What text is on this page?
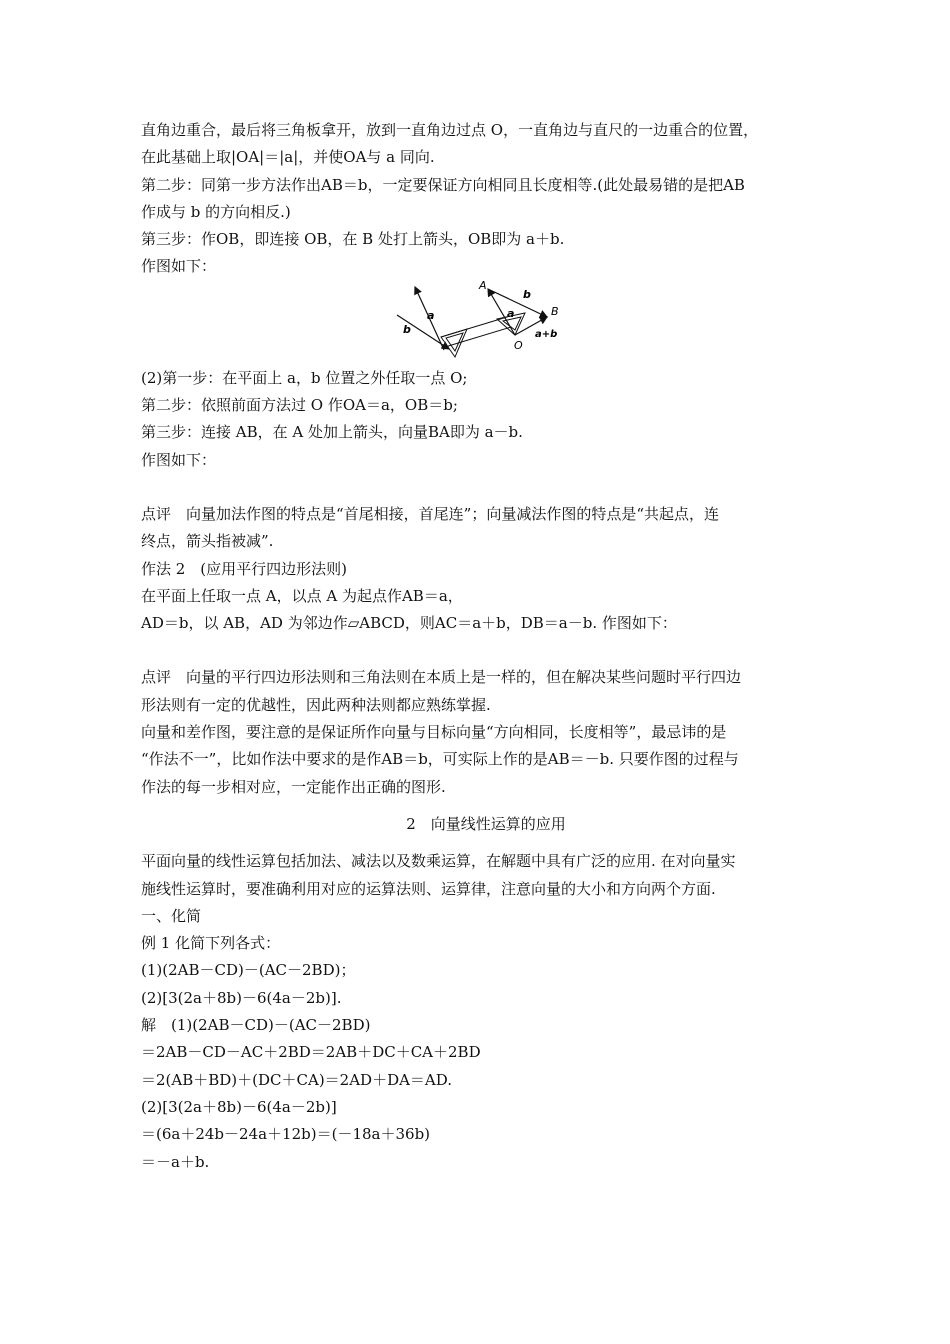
直角边重合，最后将三角板拿开，放到一直角边过点 O，一直角边与直尺的一边重合的位置，
在此基础上取|OA|＝|a|，并使OA与 a 同向.
第二步：同第一步方法作出AB＝b，一定要保证方向相同且长度相等.(此处最易错的是把AB
作成与 b 的方向相反.)
第三步：作OB，即连接 OB，在 B 处打上箭头，OB即为 a＋b.
作图如下：
A
b
a	a
b
B
O
a+b
(2)第一步：在平面上 a，b 位置之外任取一点 O;
第二步：依照前面方法过 O 作OA＝a，OB＝b;
第三步：连接 AB，在 A 处加上箭头，向量BA即为 a－b.
作图如下：
点评　向量加法作图的特点是“首尾相接，首尾连”；向量减法作图的特点是“共起点，连
终点，箭头指被减”.
作法 2　(应用平行四边形法则)
在平面上任取一点 A，以点 A 为起点作AB＝a，
AD＝b，以 AB，AD 为邻边作▱ABCD，则AC＝a＋b，DB＝a－b. 作图如下：
点评　向量的平行四边形法则和三角法则在本质上是一样的，但在解决某些问题时平行四边
形法则有一定的优越性，因此两种法则都应熟练掌握.
向量和差作图，要注意的是保证所作向量与目标向量“方向相同，长度相等”，最忌讳的是
“作法不一”，比如作法中要求的是作AB＝b，可实际上作的是AB＝－b. 只要作图的过程与
作法的每一步相对应，一定能作出正确的图形.
2　向量线性运算的应用
平面向量的线性运算包括加法、减法以及数乘运算，在解题中具有广泛的应用. 在对向量实
施线性运算时，要准确利用对应的运算法则、运算律，注意向量的大小和方向两个方面.
一、化简
例 1 化简下列各式：
(1)(2AB－CD)－(AC－2BD)；
(2)[3(2a＋8b)－6(4a－2b)].
解　(1)(2AB－CD)－(AC－2BD)
＝2AB－CD－AC＋2BD＝2AB＋DC＋CA＋2BD
＝2(AB＋BD)＋(DC＋CA)＝2AD＋DA＝AD.
(2)[3(2a＋8b)－6(4a－2b)]
＝(6a＋24b－24a＋12b)＝(－18a＋36b)
＝－a＋b.
